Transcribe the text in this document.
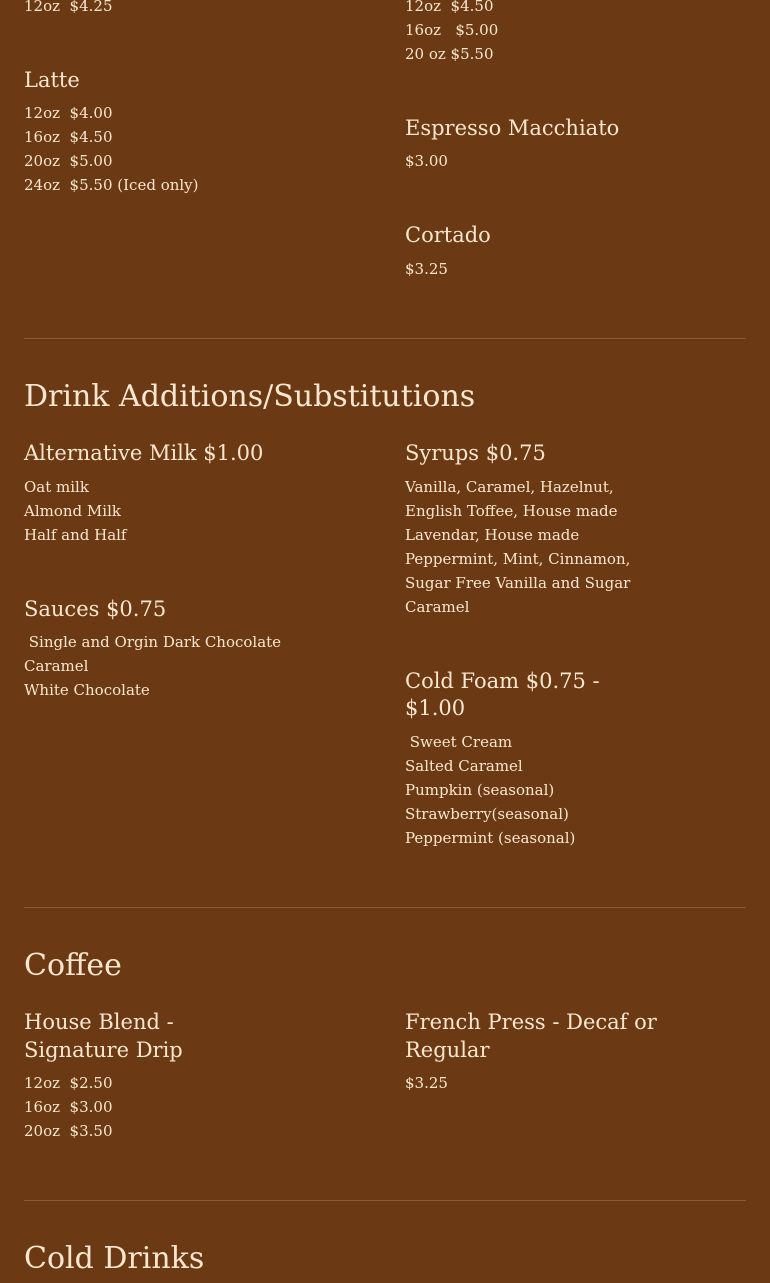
12oz  $4.25	12oz  $4.50
16oz   $5.00
20 oz $5.50
Latte
12oz  $4.00
16oz  $4.50
20oz  $5.00
24oz  $5.50 (Iced only)
Espresso Macchiato
$3.00
Cortado
$3.25
Drink Additions/Substitutions
Alternative Milk $1.00
Oat milk
Almond Milk
Half and Half
Syrups $0.75
Vanilla, Caramel, Hazelnut,
English Toffee, House made
Lavendar, House made
Peppermint, Mint, Cinnamon,
Sugar Free Vanilla and Sugar
Caramel
Sauces $0.75
Single and Orgin Dark Chocolate
Caramel
White Chocolate	Cold Foam $0.75 -
$1.00
Sweet Cream
Salted Caramel
Pumpkin (seasonal)
Strawberry(seasonal)
Peppermint (seasonal)
Coffee
House Blend -
Signature Drip
12oz  $2.50
16oz  $3.00
20oz  $3.50
French Press - Decaf or
Regular
$3.25
Cold Drinks
